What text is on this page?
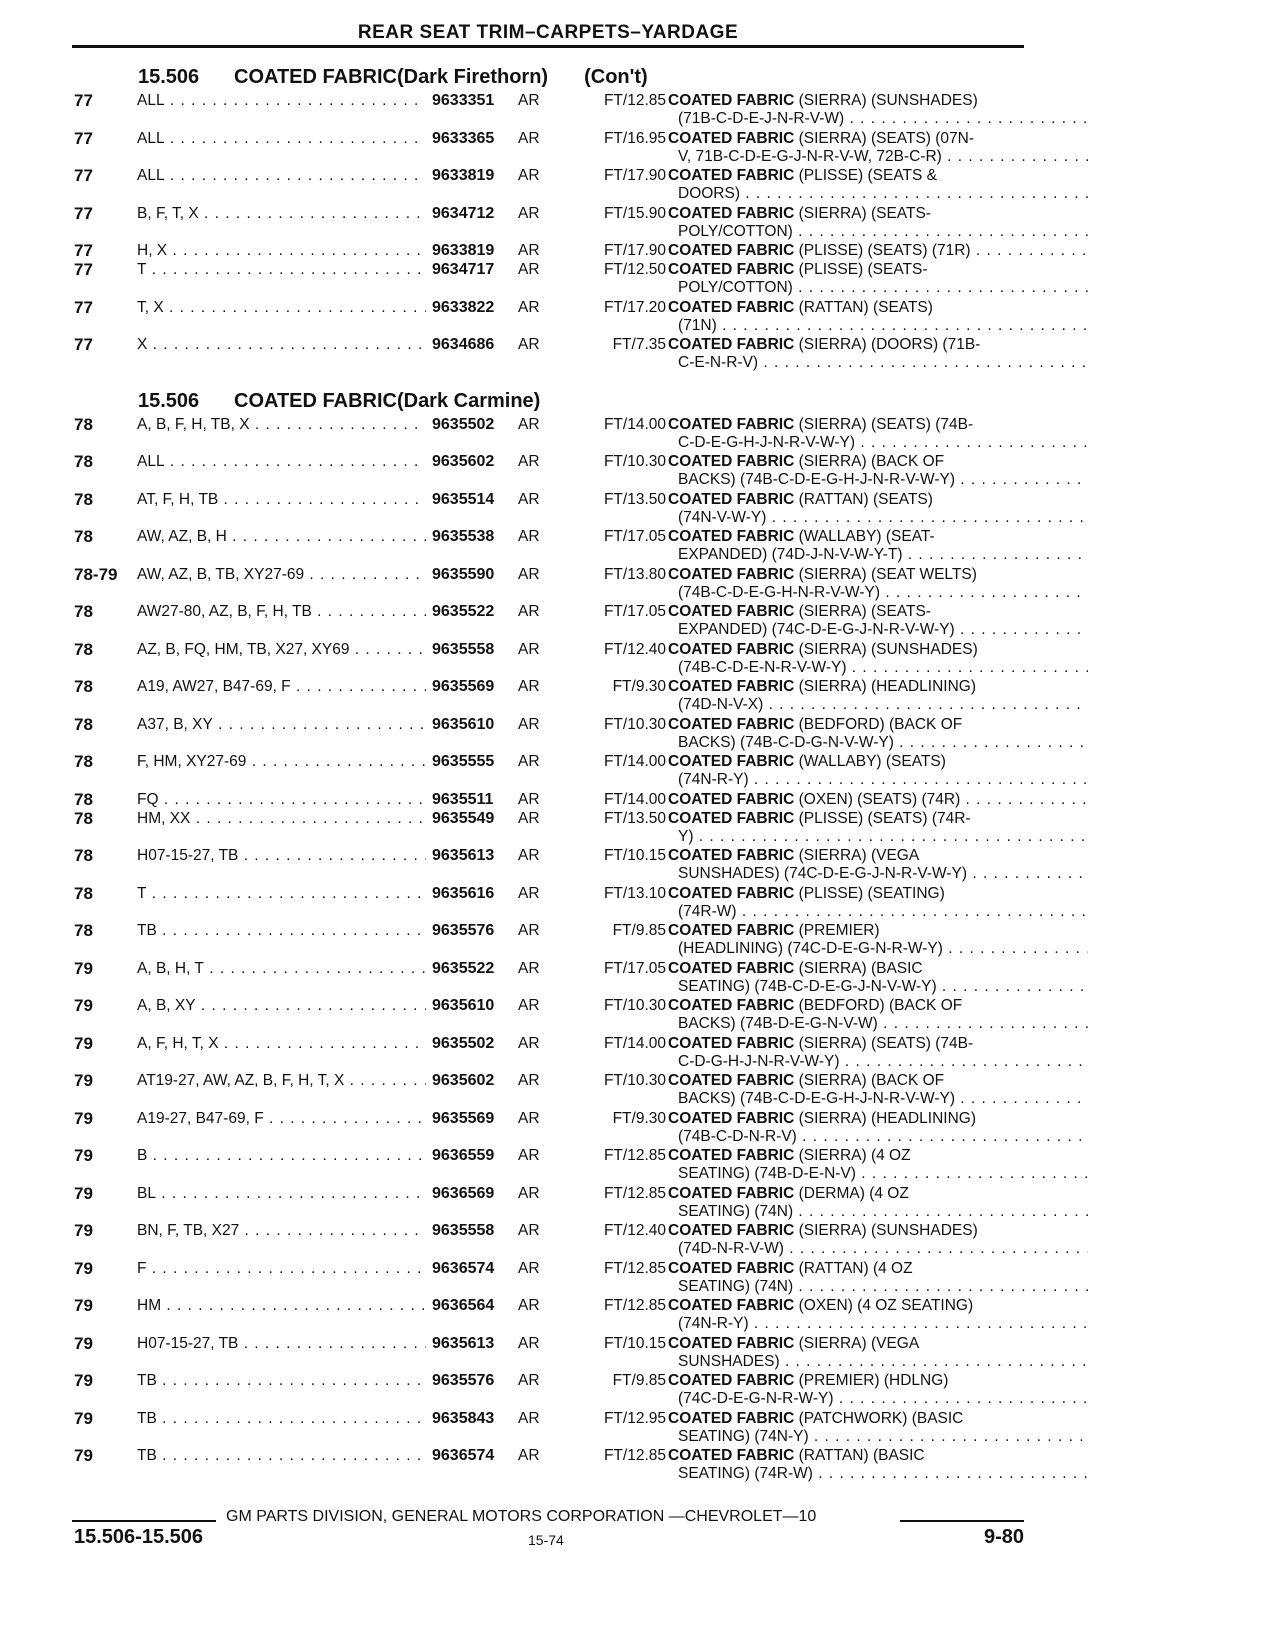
REAR SEAT TRIM–CARPETS–YARDAGE
15.506 COATED FABRIC(Dark Firethorn) (Con't)
77	ALL . . .	9633351	AR	FT/12.85 COATED FABRIC (SIERRA) (SUNSHADES)
(71B-C-D-E-J-N-R-V-W) . . .
77	ALL . . .	9633365	AR	FT/16.95 COATED FABRIC (SIERRA) (SEATS) (07N-
V, 71B-C-D-E-G-J-N-R-V-W, 72B-C-R) . . .
77	ALL . . .	9633819	AR	FT/17.90 COATED FABRIC (PLISSE) (SEATS &
DOORS) . . .
77	B, F, T, X . . .	9634712	AR	FT/15.90 COATED FABRIC (SIERRA) (SEATS-
POLY/COTTON) . . .
77	H, X . . .	9633819	AR	FT/17.90 COATED FABRIC (PLISSE) (SEATS) (71R) . . .
77	T . . .	9634717	AR	FT/12.50 COATED FABRIC (PLISSE) (SEATS-
POLY/COTTON) . . .
77	T, X . . .	9633822	AR	FT/17.20 COATED FABRIC (RATTAN) (SEATS)
(71N) . . .
77	X . . .	9634686	AR	FT/7.35 COATED FABRIC (SIERRA) (DOORS) (71B-
C-E-N-R-V) . . .
15.506 COATED FABRIC(Dark Carmine)
78	A, B, F, H, TB, X . . .	9635502	AR	FT/14.00 COATED FABRIC (SIERRA) (SEATS) (74B-
C-D-E-G-H-J-N-R-V-W-Y) . . .
78	ALL . . .	9635602	AR	FT/10.30 COATED FABRIC (SIERRA) (BACK OF
BACKS) (74B-C-D-E-G-H-J-N-R-V-W-Y) . . .
78	AT, F, H, TB . . .	9635514	AR	FT/13.50 COATED FABRIC (RATTAN) (SEATS)
(74N-V-W-Y) . . .
78	AW, AZ, B, H . . .	9635538	AR	FT/17.05 COATED FABRIC (WALLABY) (SEAT-
EXPANDED) (74D-J-N-V-W-Y-T) . . .
78-79	AW, AZ, B, TB, XY27-69 . . .	9635590	AR	FT/13.80 COATED FABRIC (SIERRA) (SEAT WELTS)
(74B-C-D-E-G-H-N-R-V-W-Y) . . .
78	AW27-80, AZ, B, F, H, TB . . .	9635522	AR	FT/17.05 COATED FABRIC (SIERRA) (SEATS-
EXPANDED) (74C-D-E-G-J-N-R-V-W-Y) . . .
78	AZ, B, FQ, HM, TB, X27, XY69 . . .	9635558	AR	FT/12.40 COATED FABRIC (SIERRA) (SUNSHADES)
(74B-C-D-E-N-R-V-W-Y) . . .
78	A19, AW27, B47-69, F . . .	9635569	AR	FT/9.30 COATED FABRIC (SIERRA) (HEADLINING)
(74D-N-V-X) . . .
78	A37, B, XY . . .	9635610	AR	FT/10.30 COATED FABRIC (BEDFORD) (BACK OF
BACKS) (74B-C-D-G-N-V-W-Y) . . .
78	F, HM, XY27-69 . . .	9635555	AR	FT/14.00 COATED FABRIC (WALLABY) (SEATS)
(74N-R-Y) . . .
78	FQ . . .	9635511	AR	FT/14.00 COATED FABRIC (OXEN) (SEATS) (74R) . . .
78	HM, XX . . .	9635549	AR	FT/13.50 COATED FABRIC (PLISSE) (SEATS) (74R-
Y) . . .
78	H07-15-27, TB . . .	9635613	AR	FT/10.15 COATED FABRIC (SIERRA) (VEGA
SUNSHADES) (74C-D-E-G-J-N-R-V-W-Y) . . .
78	T . . .	9635616	AR	FT/13.10 COATED FABRIC (PLISSE) (SEATING)
(74R-W) . . .
78	TB . . .	9635576	AR	FT/9.85 COATED FABRIC (PREMIER)
(HEADLINING) (74C-D-E-G-N-R-W-Y) . . .
79	A, B, H, T . . .	9635522	AR	FT/17.05 COATED FABRIC (SIERRA) (BASIC
SEATING) (74B-C-D-E-G-J-N-V-W-Y) . . .
79	A, B, XY . . .	9635610	AR	FT/10.30 COATED FABRIC (BEDFORD) (BACK OF
BACKS) (74B-D-E-G-N-V-W) . . .
79	A, F, H, T, X . . .	9635502	AR	FT/14.00 COATED FABRIC (SIERRA) (SEATS) (74B-
C-D-G-H-J-N-R-V-W-Y) . . .
79	AT19-27, AW, AZ, B, F, H, T, X . . .	9635602	AR	FT/10.30 COATED FABRIC (SIERRA) (BACK OF
BACKS) (74B-C-D-E-G-H-J-N-R-V-W-Y) . . .
79	A19-27, B47-69, F . . .	9635569	AR	FT/9.30 COATED FABRIC (SIERRA) (HEADLINING)
(74B-C-D-N-R-V) . . .
79	B . . .	9636559	AR	FT/12.85 COATED FABRIC (SIERRA) (4 OZ
SEATING) (74B-D-E-N-V) . . .
79	BL . . .	9636569	AR	FT/12.85 COATED FABRIC (DERMA) (4 OZ
SEATING) (74N) . . .
79	BN, F, TB, X27 . . .	9635558	AR	FT/12.40 COATED FABRIC (SIERRA) (SUNSHADES)
(74D-N-R-V-W) . . .
79	F . . .	9636574	AR	FT/12.85 COATED FABRIC (RATTAN) (4 OZ
SEATING) (74N) . . .
79	HM . . .	9636564	AR	FT/12.85 COATED FABRIC (OXEN) (4 OZ SEATING)
(74N-R-Y) . . .
79	H07-15-27, TB . . .	9635613	AR	FT/10.15 COATED FABRIC (SIERRA) (VEGA
SUNSHADES) . . .
79	TB . . .	9635576	AR	FT/9.85 COATED FABRIC (PREMIER) (HDLNG)
(74C-D-E-G-N-R-W-Y) . . .
79	TB . . .	9635843	AR	FT/12.95 COATED FABRIC (PATCHWORK) (BASIC
SEATING) (74N-Y) . . .
79	TB . . .	9636574	AR	FT/12.85 COATED FABRIC (RATTAN) (BASIC
SEATING) (74R-W) . . .
GM PARTS DIVISION, GENERAL MOTORS CORPORATION —CHEVROLET—10
15.506-15.506	15-74	9-80
